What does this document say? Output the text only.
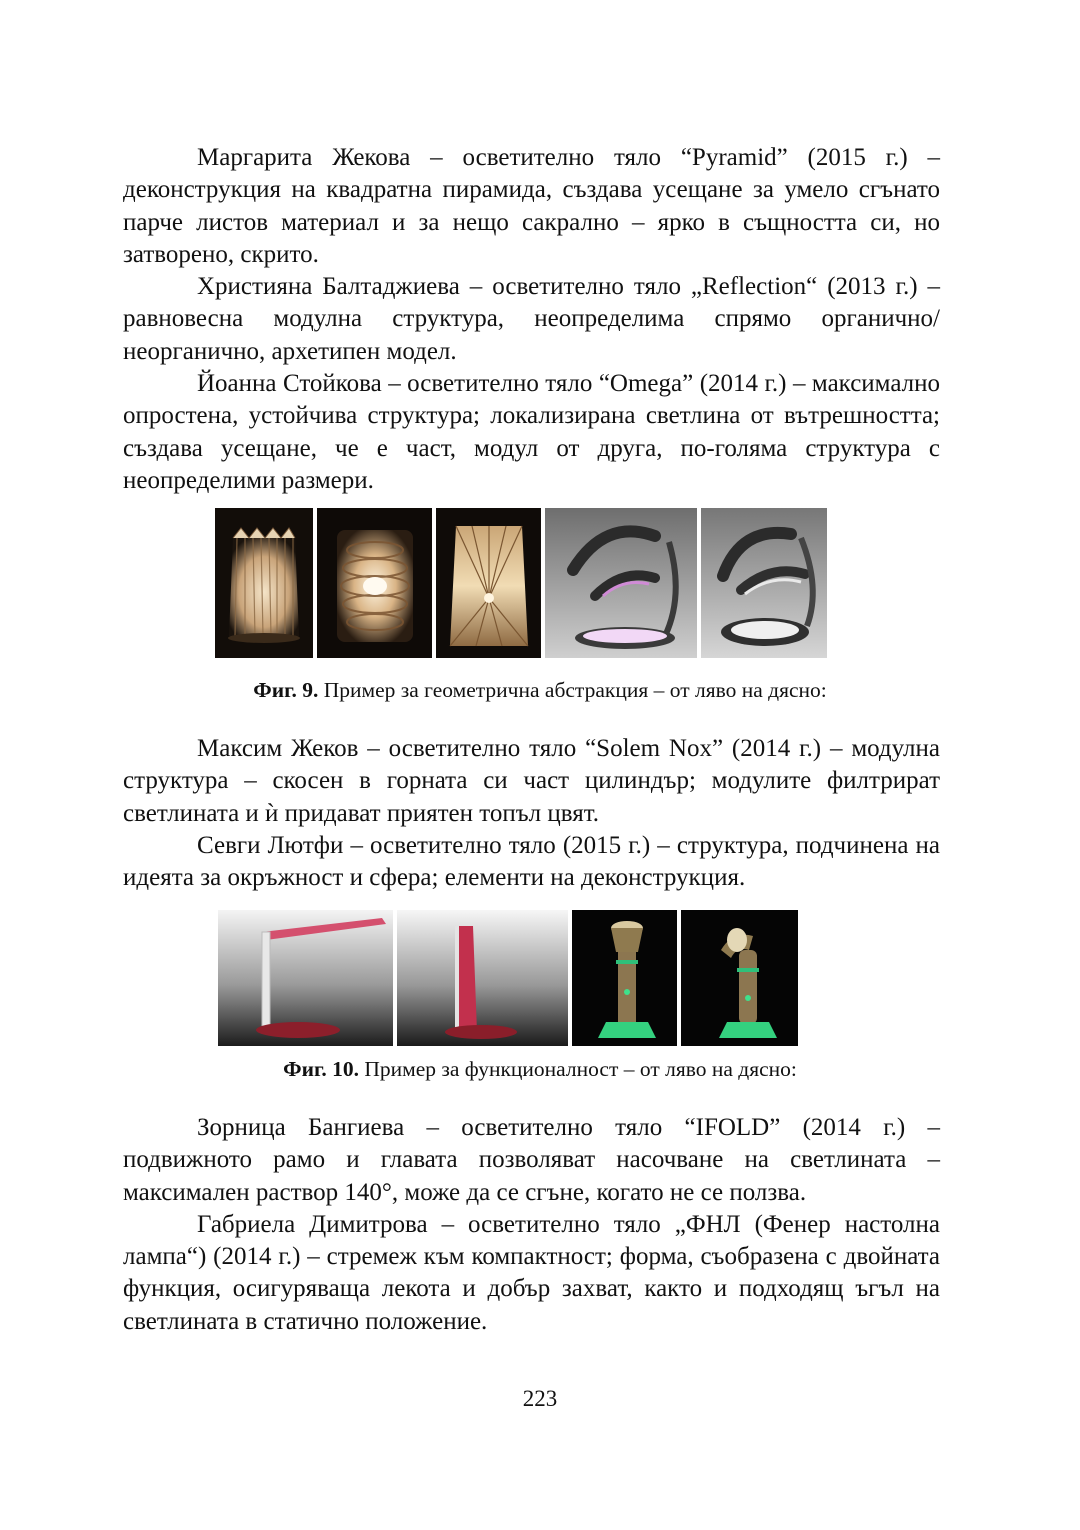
Маргарита Жекова – осветително тяло “Pyramid” (2015 г.) – деконструкция на квадратна пирамида, създава усещане за умело сгънато парче листов материал и за нещо сакрално – ярко в същността си, но затворено, скрито.

Християна Балтаджиева – осветително тяло „Reflection“ (2013 г.) – равновесна модулна структура, неопределима спрямо органично/ неорганично, архетипен модел.

Йоанна Стойкова – осветително тяло “Omega” (2014 г.) – максимално опростена, устойчива структура; локализирана светлина от вътрешността; създава усещане, че е част, модул от друга, по-голяма структура с неопределими размери.

Фиг. 9. Пример за геометрична абстракция – от ляво на дясно:

Максим Жеков – осветително тяло “Solem Nox” (2014 г.) – модулна структура – скосен в горната си част цилиндър; модулите филтрират светлината и ѝ придават приятен топъл цвят.

Севги Лютфи – осветително тяло (2015 г.) – структура, подчинена на идеята за окръжност и сфера; елементи на деконструкция.

Фиг. 10. Пример за функционалност – от ляво на дясно:

Зорница Бангиева – осветително тяло “IFOLD” (2014 г.) – подвижното рамо и главата позволяват насочване на светлината – максимален раствор 140°, може да се сгъне, когато не се ползва.

Габриела Димитрова – осветително тяло „ФНЛ (Фенер настолна лампа“) (2014 г.) – стремеж към компактност; форма, съобразена с двойната функция, осигуряваща лекота и добър захват, както и подходящ ъгъл на светлината в статично положение.

223
